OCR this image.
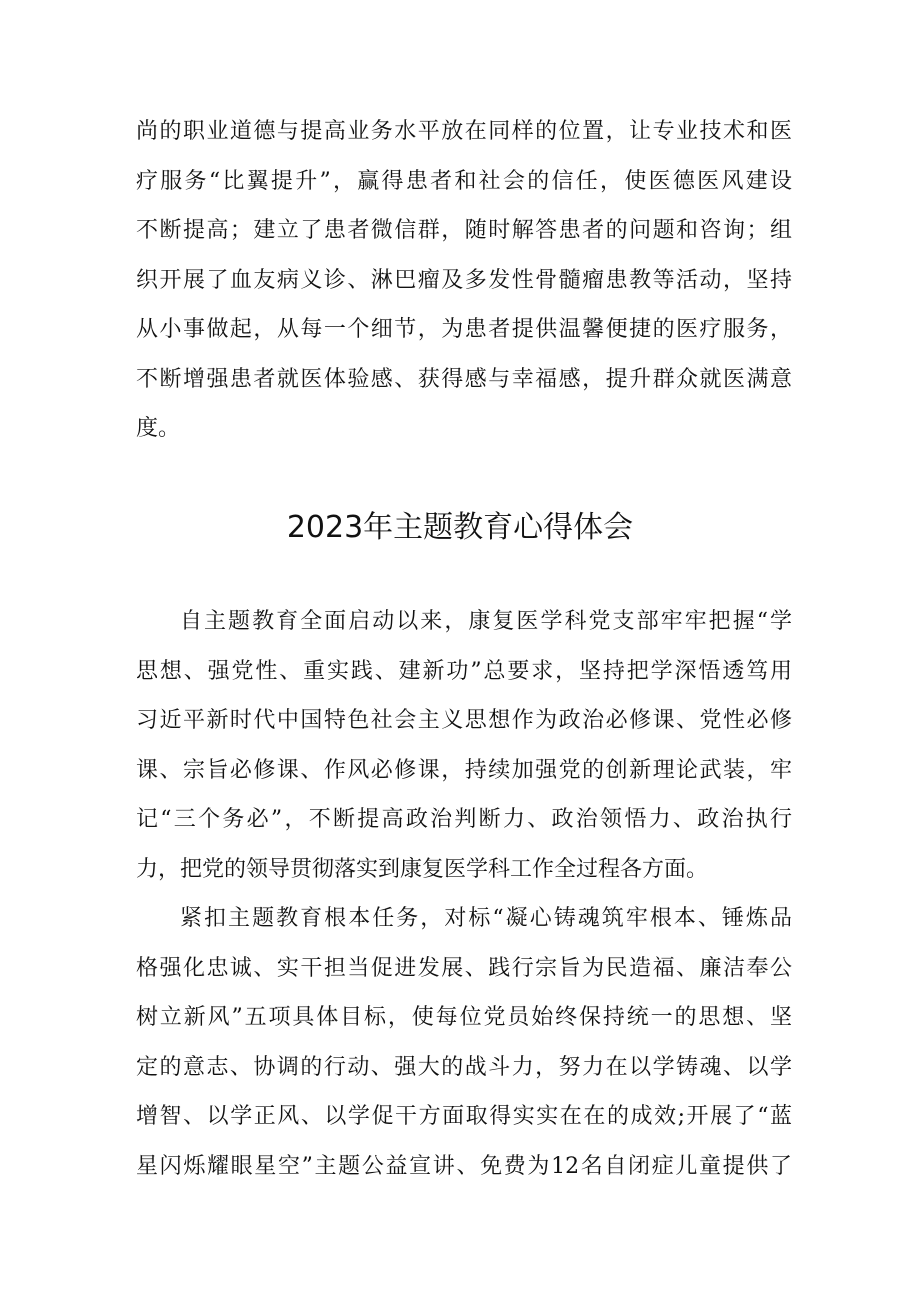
尚的职业道德与提高业务水平放在同样的位置，让专业技术和医
疗服务“比翼提升”，赢得患者和社会的信任，使医德医风建设
不断提高；建立了患者微信群，随时解答患者的问题和咨询；组
织开展了血友病义诊、淋巴瘤及多发性骨髓瘤患教等活动，坚持
从小事做起，从每一个细节，为患者提供温馨便捷的医疗服务，
不断增强患者就医体验感、获得感与幸福感，提升群众就医满意
度。
2023年主题教育心得体会
自主题教育全面启动以来，康复医学科党支部牢牢把握“学
思想、强党性、重实践、建新功”总要求，坚持把学深悟透笃用
习近平新时代中国特色社会主义思想作为政治必修课、党性必修
课、宗旨必修课、作风必修课，持续加强党的创新理论武装，牢
记“三个务必”，不断提高政治判断力、政治领悟力、政治执行
力，把党的领导贯彻落实到康复医学科工作全过程各方面。
紧扣主题教育根本任务，对标“凝心铸魂筑牢根本、锤炼品
格强化忠诚、实干担当促进发展、践行宗旨为民造福、廉洁奉公
树立新风”五项具体目标，使每位党员始终保持统一的思想、坚
定的意志、协调的行动、强大的战斗力，努力在以学铸魂、以学
增智、以学正风、以学促干方面取得实实在在的成效;开展了“蓝
星闪烁耀眼星空”主题公益宣讲、免费为12名自闭症儿童提供了
